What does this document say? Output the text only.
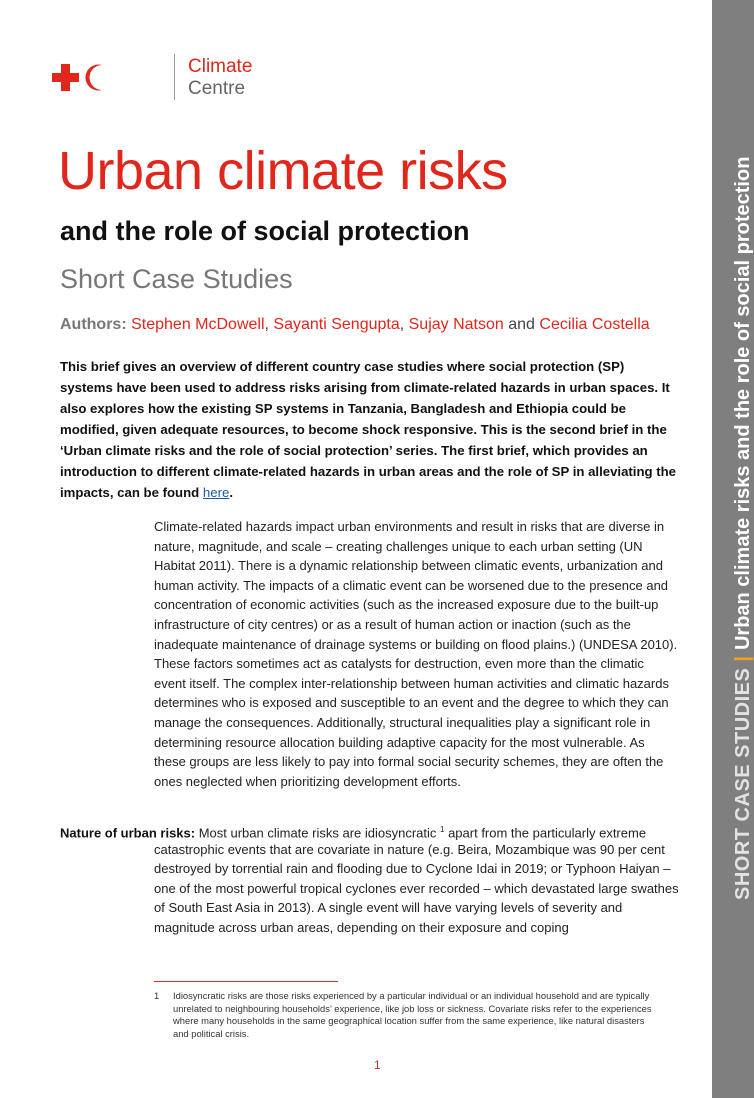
Climate
Centre
Urban climate risks
and the role of social protection
Short Case Studies
Authors: Stephen McDowell, Sayanti Sengupta, Sujay Natson and Cecilia Costella
This brief gives an overview of different country case studies where social protection (SP) systems have been used to address risks arising from climate-related hazards in urban spaces. It also explores how the existing SP systems in Tanzania, Bangladesh and Ethiopia could be modified, given adequate resources, to become shock responsive. This is the second brief in the ‘Urban climate risks and the role of social protection’ series. The first brief, which provides an introduction to different climate-related hazards in urban areas and the role of SP in alleviating the impacts, can be found here.
Climate-related hazards impact urban environments and result in risks that are diverse in nature, magnitude, and scale – creating challenges unique to each urban setting (UN Habitat 2011). There is a dynamic relationship between climatic events, urbanization and human activity. The impacts of a climatic event can be worsened due to the presence and concentration of economic activities (such as the increased exposure due to the built-up infrastructure of city centres) or as a result of human action or inaction (such as the inadequate maintenance of drainage systems or building on flood plains.) (UNDESA 2010). These factors sometimes act as catalysts for destruction, even more than the climatic event itself. The complex inter-relationship between human activities and climatic hazards determines who is exposed and susceptible to an event and the degree to which they can manage the consequences. Additionally, structural inequalities play a significant role in determining resource allocation building adaptive capacity for the most vulnerable. As these groups are less likely to pay into formal social security schemes, they are often the ones neglected when prioritizing development efforts.
Nature of urban risks: Most urban climate risks are idiosyncratic $^1$ apart from the particularly extreme
catastrophic events that are covariate in nature (e.g. Beira, Mozambique was 90 per cent destroyed by torrential rain and flooding due to Cyclone Idai in 2019; or Typhoon Haiyan – one of the most powerful tropical cyclones ever recorded – which devastated large swathes of South East Asia in 2013). A single event will have varying levels of severity and magnitude across urban areas, depending on their exposure and coping
1 Idiosyncratic risks are those risks experienced by a particular individual or an individual household and are typically unrelated to neighbouring households’ experience, like job loss or sickness. Covariate risks refer to the experiences where many households in the same geographical location suffer from the same experience, like natural disasters and political crisis.
1
SHORT CASE STUDIES|Urban climate risks and the role of social protection
